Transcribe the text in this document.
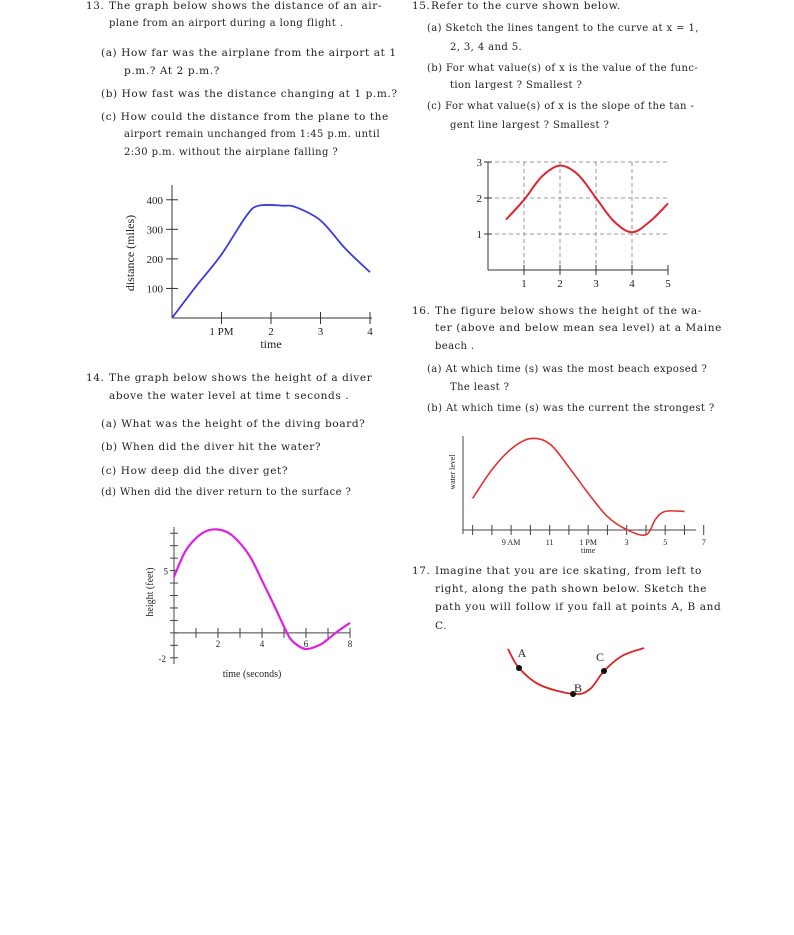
13. The graph below shows the distance of an air-
plane from an airport during a long flight .
(a) How far was the airplane from the airport at 1
p.m.? At 2 p.m.?
(b) How fast was the distance changing at 1 p.m.?
(c) How could the distance from the plane to the
airport remain unchanged from 1:45 p.m. until
2:30 p.m. without the airplane falling ?
100
200
300
400
1 PM	2	3	4
time
distance (miles)
14. The graph below shows the height of a diver
above the water level at time t seconds .
(a) What was the height of the diving board?
(b) When did the diver hit the water?
(c) How deep did the diver get?
(d) When did the diver return to the surface ?
2	4	6	8
5
-2
time (seconds)
height (feet)
15. Refer to the curve shown below.
(a) Sketch the lines tangent to the curve at x = 1,
2, 3, 4 and 5.
(b) For what value(s) of x is the value of the func-
tion largest ? Smallest ?
(c) For what value(s) of x is the slope of the tan -
gent line largest ? Smallest ?
1	2	3	4	5
3
2
1
16. The figure below shows the height of the wa-
ter (above and below mean sea level) at a Maine
beach .
(a) At which time (s) was the most beach exposed ?
The least ?
(b) At which time (s) was the current the strongest ?
9 AM	11	1 PM	3	5	7
time
water level
17. Imagine that you are ice skating, from left to
right, along the path shown below. Sketch the
path you will follow if you fall at points A, B and
C.
A
B
C
